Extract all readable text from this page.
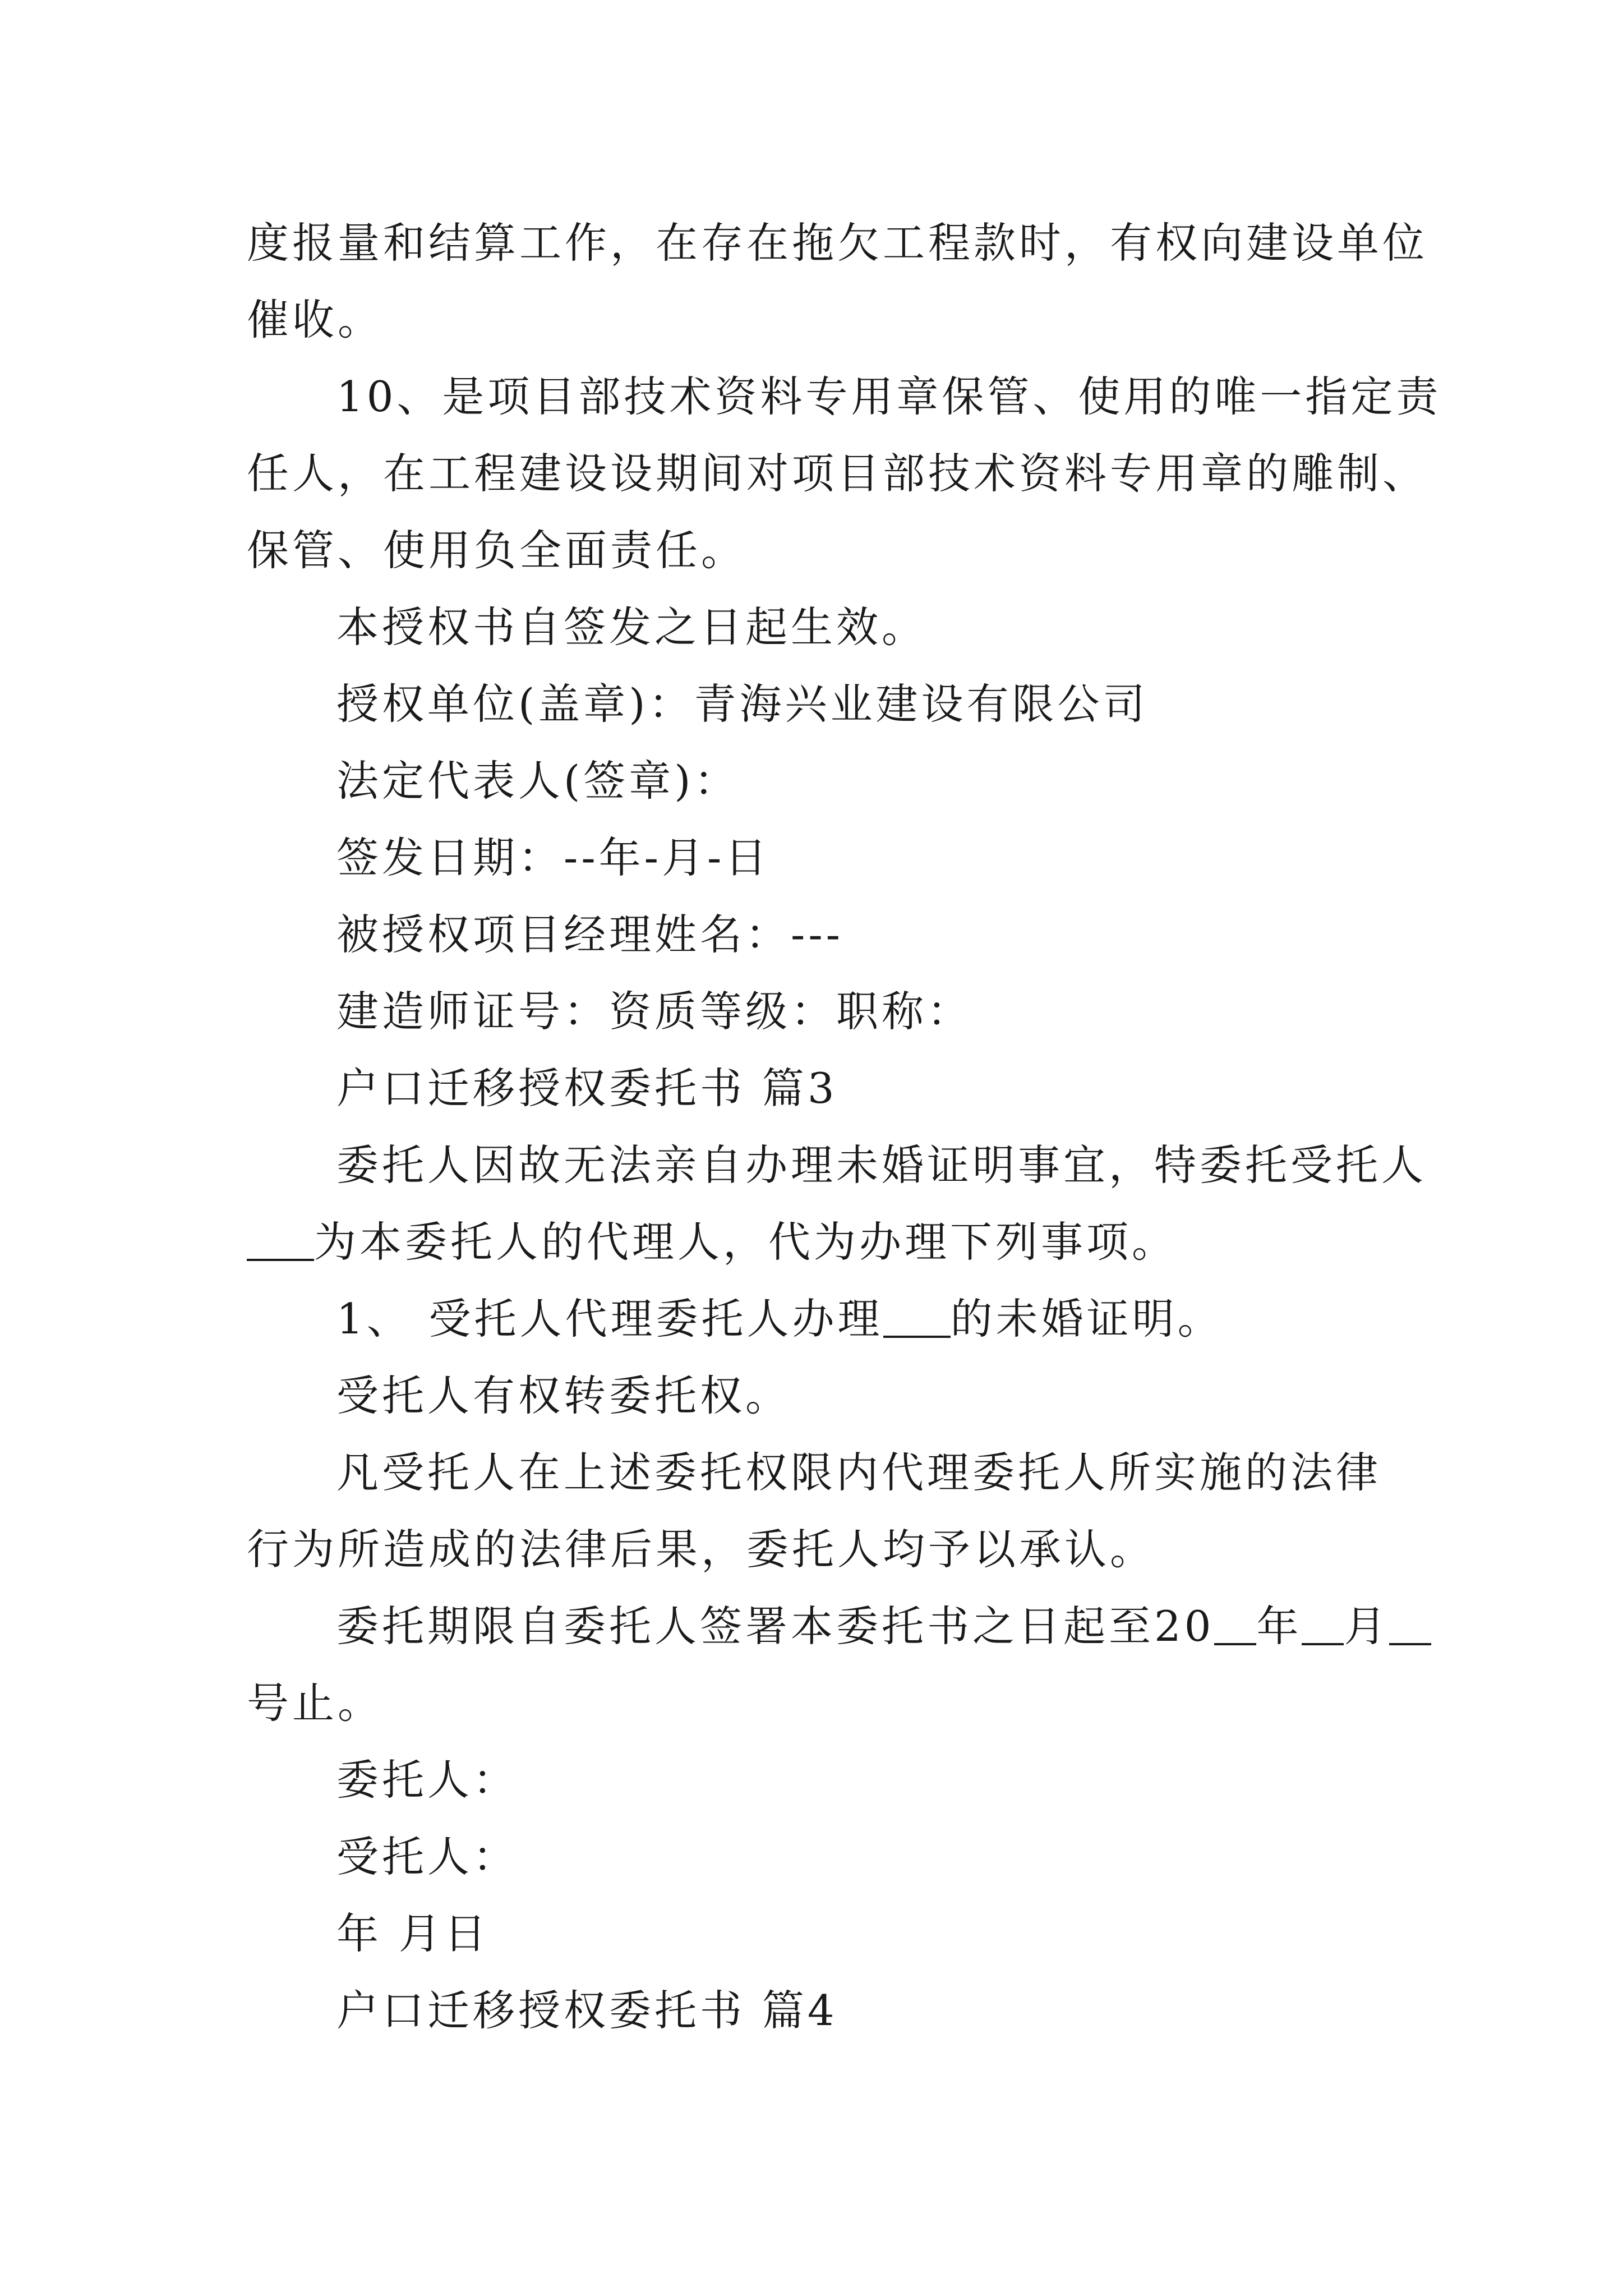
度报量和结算工作，在存在拖欠工程款时，有权向建设单位
催收。
10、是项目部技术资料专用章保管、使用的唯一指定责
任人，在工程建设设期间对项目部技术资料专用章的雕制、
保管、使用负全面责任。
本授权书自签发之日起生效。
授权单位(盖章)：青海兴业建设有限公司
法定代表人(签章)：
签发日期：--年-月-日
被授权项目经理姓名：---
建造师证号：资质等级：职称：
户口迁移授权委托书 篇3
委托人因故无法亲自办理未婚证明事宜，特委托受托人
为本委托人的代理人，代为办理下列事项。
1、 受托人代理委托人办理 的未婚证明。
受托人有权转委托权。
凡受托人在上述委托权限内代理委托人所实施的法律
行为所造成的法律后果，委托人均予以承认。
委托期限自委托人签署本委托书之日起至20 年 月
号止。
委托人：
受托人：
年 月日
户口迁移授权委托书 篇4
